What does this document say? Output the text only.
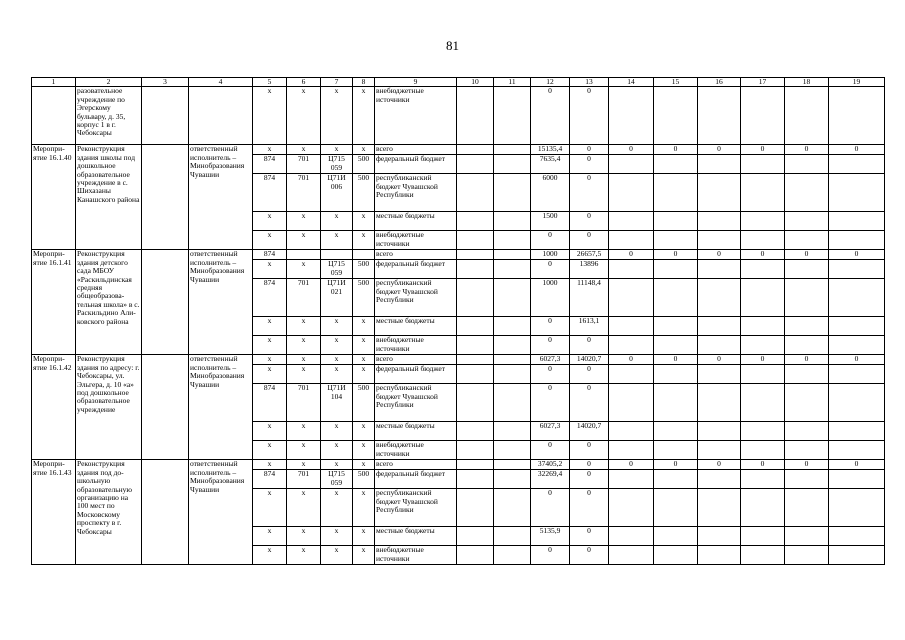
81
1	2	3	4	5	6	7	8	9	10	11	12	13	14	15	16	17	18	19
	разовательное учреждение по Эгерскому бульвару, д. 35, корпус 1 в г. Чебоксары			x	x	x	x	внебюджетные источники			0	0						
Мероприятие 16.1.40	Реконструкция здания школы под дошкольное образовательное учреждение в с. Шихазаны Канашского района		ответственный исполнитель – Минобразования Чувашии	x	x	x	x	всего			15135,4	0	0	0	0	0	0	0
				874	701	Ц715 059	500	федеральный бюджет			7635,4	0						
				874	701	Ц71И 006	500	республиканский бюджет Чувашской Республики			6000	0						
				x	x	x	x	местные бюджеты			1500	0						
				x	x	x	x	внебюджетные источники			0	0						
Мероприятие 16.1.41	Реконструкция здания детского сада МБОУ «Раскильдинская средняя общеобразовательная школа» в с. Раскильдино Аликовского района		ответственный исполнитель – Минобразования Чувашии	874				всего			1000	26657,5	0	0	0	0	0	0
				x	x	Ц715 059	500	федеральный бюджет			0	13896						
				874	701	Ц71И 021	500	республиканский бюджет Чувашской Республики			1000	11148,4						
				x	x	x	x	местные бюджеты			0	1613,1						
				x	x	x	x	внебюджетные источники			0	0						
Мероприятие 16.1.42	Реконструкция здания по адресу: г. Чебоксары, ул. Эльгера, д. 10 «а» под дошкольное образовательное учреждение		ответственный исполнитель – Минобразования Чувашии	x	x	x	x	всего			6027,3	14020,7	0	0	0	0	0	0
				x	x	x	x	федеральный бюджет			0	0						
				874	701	Ц71И 104	500	республиканский бюджет Чувашской Республики			0	0						
				x	x	x	x	местные бюджеты			6027,3	14020,7						
				x	x	x	x	внебюджетные источники			0	0						
Мероприятие 16.1.43	Реконструкция здания под дошкольную образовательную организацию на 100 мест по Московскому проспекту в г. Чебоксары		ответственный исполнитель – Минобразования Чувашии	x	x	x	x	всего			37405,2	0	0	0	0	0	0	0
				874	701	Ц715 059	500	федеральный бюджет			32269,4	0						
				x	x	x	x	республиканский бюджет Чувашской Республики			0	0						
				x	x	x	x	местные бюджеты			5135,9	0						
				x	x	x	x	внебюджетные источники			0	0						
